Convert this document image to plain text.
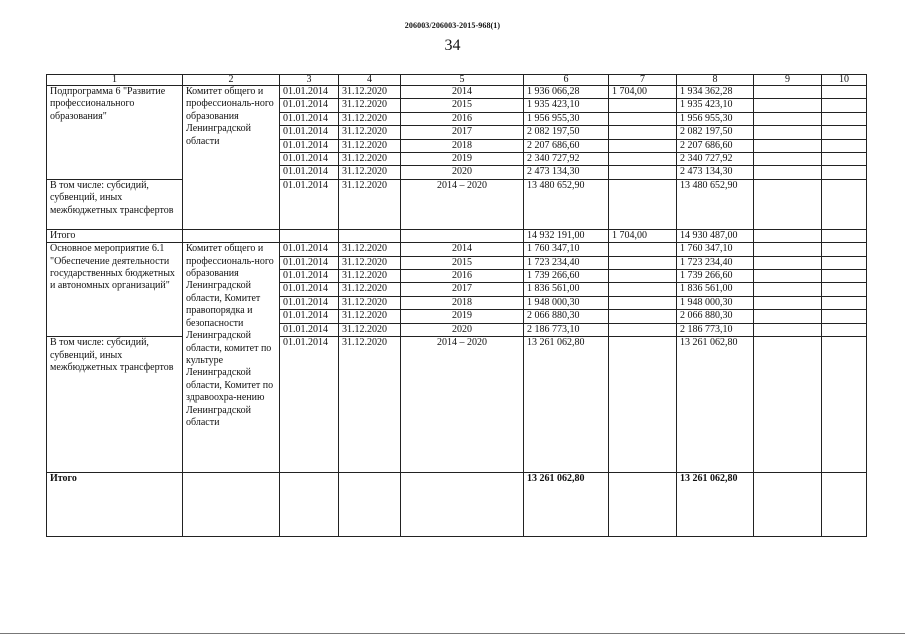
206003/206003-2015-968(1)
34
1	2	3	4	5	6	7	8	9	10
Подпрограмма 6 "Развитие профессионального образования"	Комитет общего и профессиональ-ного образования Ленинградской области	01.01.2014	31.12.2020	2014	1 936 066,28	1 704,00	1 934 362,28		
		01.01.2014	31.12.2020	2015	1 935 423,10		1 935 423,10		
		01.01.2014	31.12.2020	2016	1 956 955,30		1 956 955,30		
		01.01.2014	31.12.2020	2017	2 082 197,50		2 082 197,50		
		01.01.2014	31.12.2020	2018	2 207 686,60		2 207 686,60		
		01.01.2014	31.12.2020	2019	2 340 727,92		2 340 727,92		
		01.01.2014	31.12.2020	2020	2 473 134,30		2 473 134,30		
В том числе: субсидий, субвенций, иных межбюджетных трансфертов		01.01.2014	31.12.2020	2014 – 2020	13 480 652,90		13 480 652,90		
Итого					14 932 191,00	1 704,00	14 930 487,00		
Основное мероприятие 6.1 "Обеспечение деятельности государственных бюджетных и автономных организаций"	Комитет общего и профессиональ-ного образования Ленинградской области, Комитет правопорядка и безопасности Ленинградской области, комитет по культуре Ленинградской области, Комитет по здравоохра-нению Ленинградской области	01.01.2014	31.12.2020	2014	1 760 347,10		1 760 347,10		
		01.01.2014	31.12.2020	2015	1 723 234,40		1 723 234,40		
		01.01.2014	31.12.2020	2016	1 739 266,60		1 739 266,60		
		01.01.2014	31.12.2020	2017	1 836 561,00		1 836 561,00		
		01.01.2014	31.12.2020	2018	1 948 000,30		1 948 000,30		
		01.01.2014	31.12.2020	2019	2 066 880,30		2 066 880,30		
		01.01.2014	31.12.2020	2020	2 186 773,10		2 186 773,10		
В том числе: субсидий, субвенций, иных межбюджетных трансфертов		01.01.2014	31.12.2020	2014 – 2020	13 261 062,80		13 261 062,80		
Итого					13 261 062,80		13 261 062,80		
